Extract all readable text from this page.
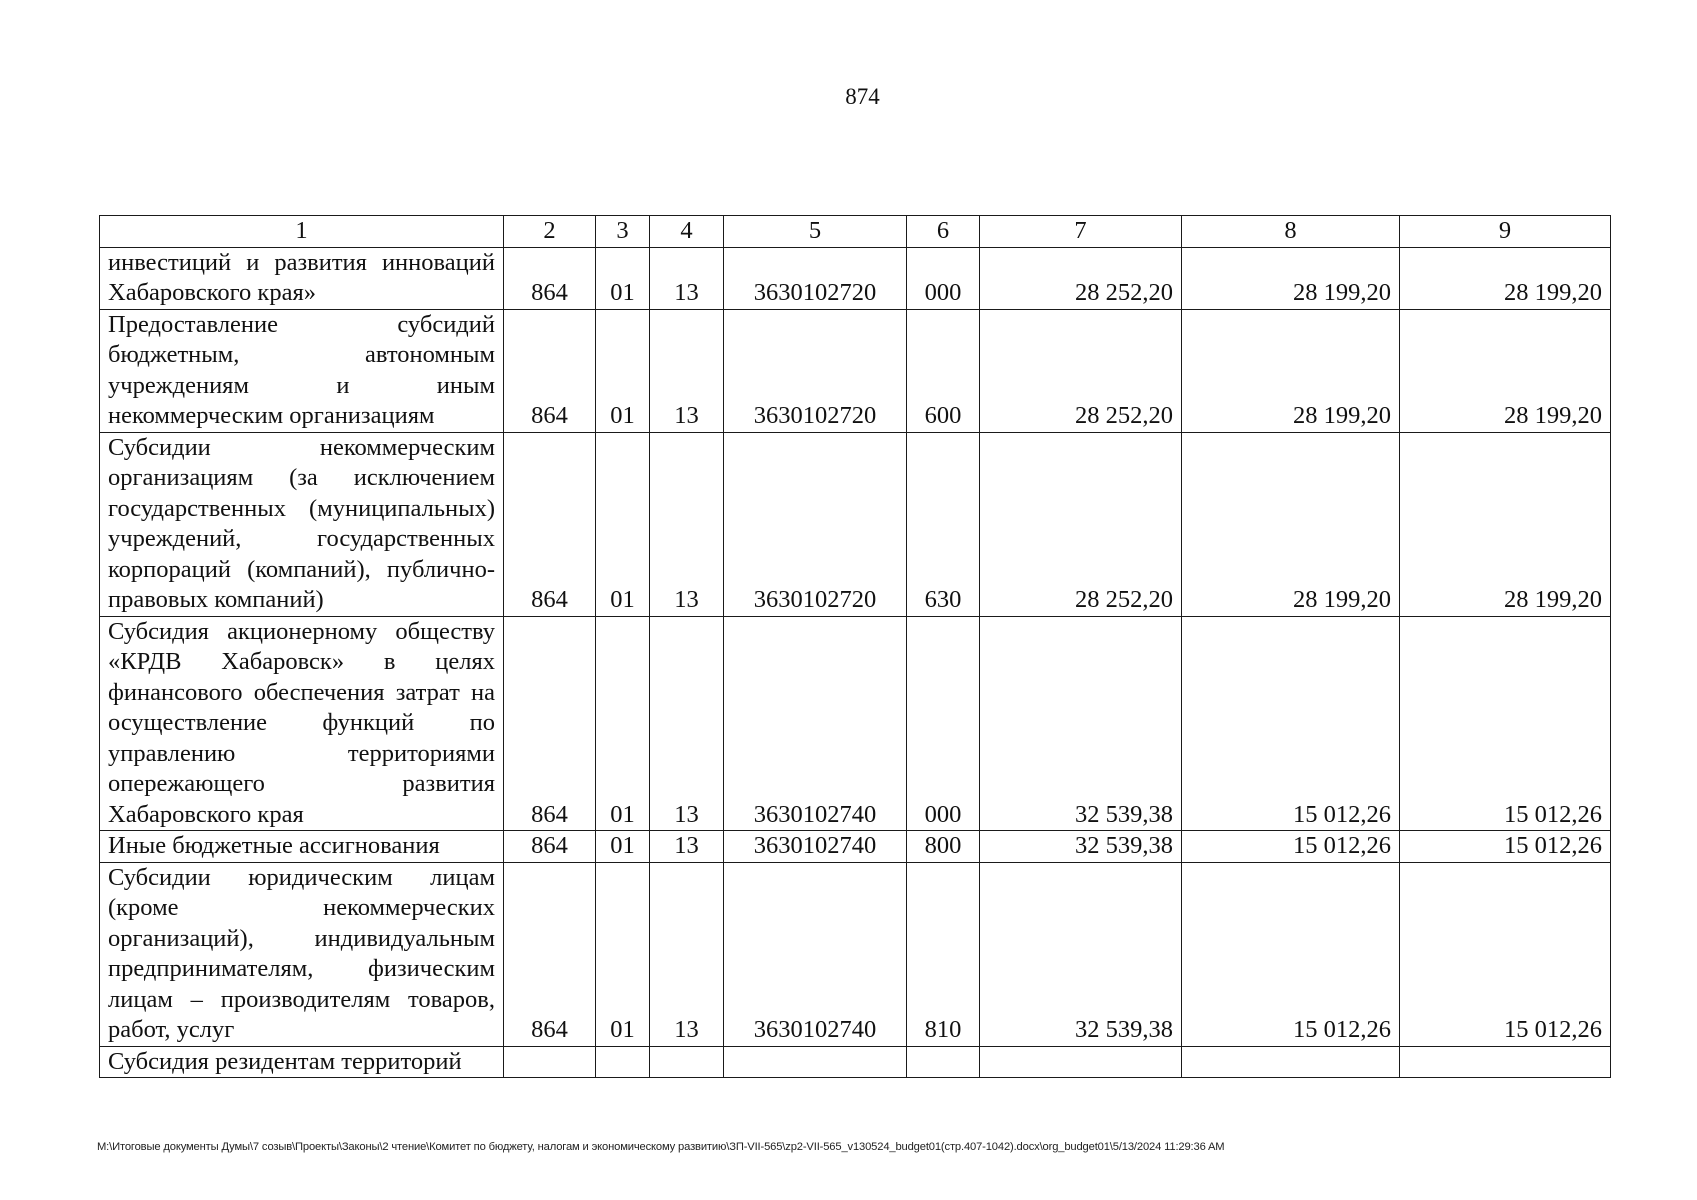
874
1	2	3	4	5	6	7	8	9
инвестиций и развития инноваций Хабаровского края»	864	01	13	3630102720	000	28 252,20	28 199,20	28 199,20
Предоставление субсидий бюджетным, автономным учреждениям и иным некоммерческим организациям	864	01	13	3630102720	600	28 252,20	28 199,20	28 199,20
Субсидии некоммерческим организациям (за исключением государственных (муниципальных) учреждений, государственных корпораций (компаний), публично-правовых компаний)	864	01	13	3630102720	630	28 252,20	28 199,20	28 199,20
Субсидия акционерному обществу «КРДВ Хабаровск» в целях финансового обеспечения затрат на осуществление функций по управлению территориями опережающего развития Хабаровского края	864	01	13	3630102740	000	32 539,38	15 012,26	15 012,26
Иные бюджетные ассигнования	864	01	13	3630102740	800	32 539,38	15 012,26	15 012,26
Субсидии юридическим лицам (кроме некоммерческих организаций), индивидуальным предпринимателям, физическим лицам – производителям товаров, работ, услуг	864	01	13	3630102740	810	32 539,38	15 012,26	15 012,26
Субсидия резидентам территорий								
M:\Итоговые документы Думы\7 созыв\Проекты\Законы\2 чтение\Комитет по бюджету, налогам и экономическому развитию\ЗП-VII-565\zp2-VII-565_v130524_budget01(стр.407-1042).docx\org_budget01\5/13/2024 11:29:36 AM
